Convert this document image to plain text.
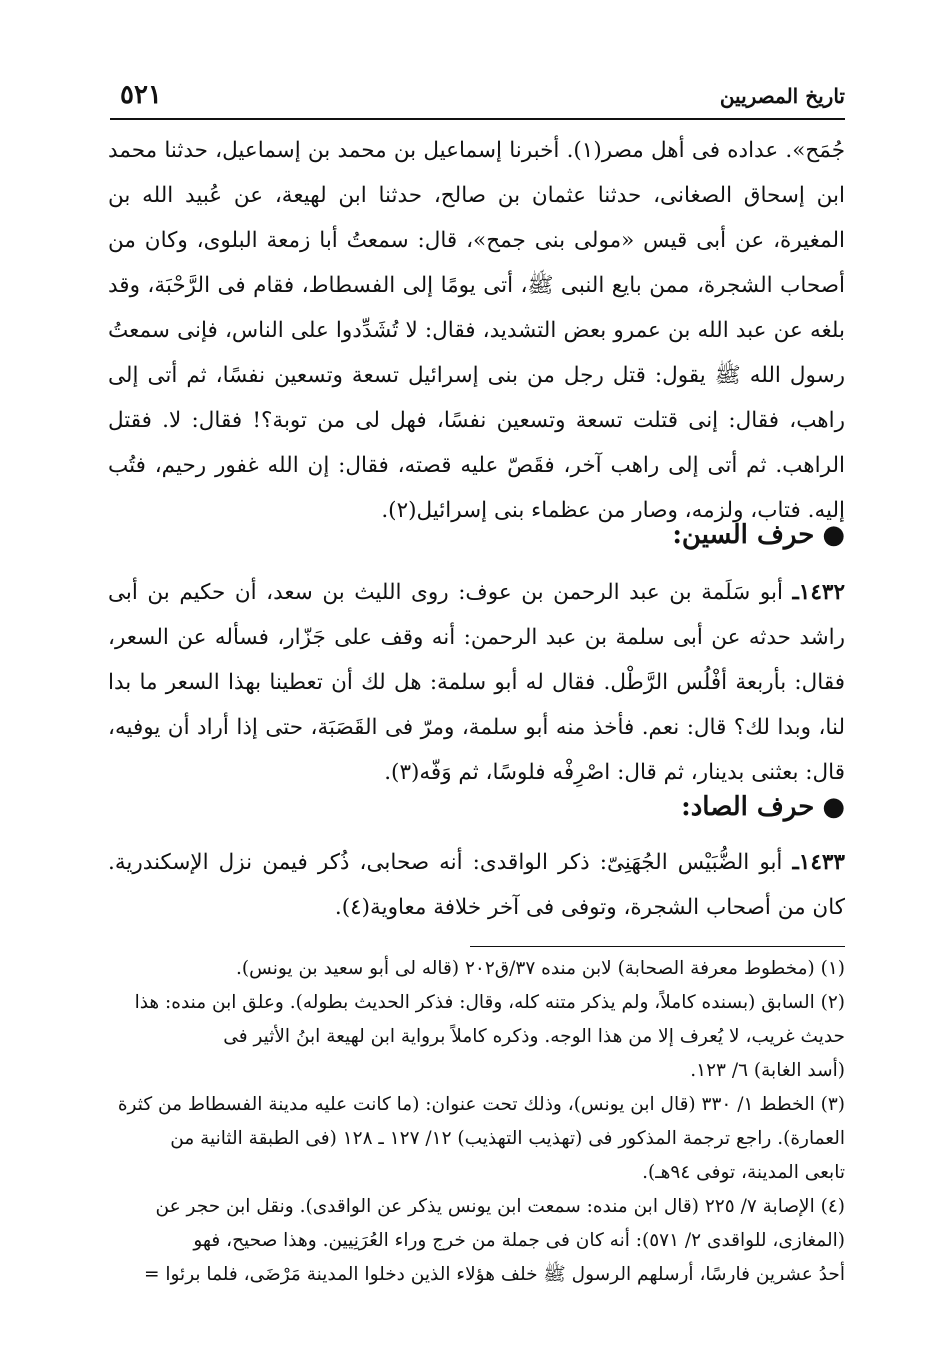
تاريخ المصريين
٥٢١

جُمَح». عداده فى أهل مصر(١). أخبرنا إسماعيل بن محمد بن إسماعيل، حدثنا محمد ابن إسحاق الصغانى، حدثنا عثمان بن صالح، حدثنا ابن لهيعة، عن عُبيد الله بن المغيرة، عن أبى قيس «مولى بنى جمح»، قال: سمعتُ أبا زمعة البلوى، وكان من أصحاب الشجرة، ممن بايع النبى ﷺ، أتى يومًا إلى الفسطاط، فقام فى الرَّحْبَة، وقد بلغه عن عبد الله بن عمرو بعض التشديد، فقال: لا تُشَدِّدوا على الناس، فإنى سمعتُ رسول الله ﷺ يقول: قتل رجل من بنى إسرائيل تسعة وتسعين نفسًا، ثم أتى إلى راهب، فقال: إنى قتلت تسعة وتسعين نفسًا، فهل لى من توبة؟! فقال: لا. فقتل الراهب. ثم أتى إلى راهب آخر، فقَصّ عليه قصته، فقال: إن الله غفور رحيم، فتُب إليه. فتاب، ولزمه، وصار من عظماء بنى إسرائيل(٢).

●حرف السين:

١٤٣٢ـ أبو سَلَمة بن عبد الرحمن بن عوف: روى الليث بن سعد، أن حكيم بن أبى راشد حدثه عن أبى سلمة بن عبد الرحمن: أنه وقف على جَزّار، فسأله عن السعر، فقال: بأربعة أفْلُس الرَّطْل. فقال له أبو سلمة: هل لك أن تعطينا بهذا السعر ما بدا لنا، وبدا لك؟ قال: نعم. فأخذ منه أبو سلمة، ومرّ فى القَصَبَة، حتى إذا أراد أن يوفيه، قال: بعثنى بدينار، ثم قال: اصْرِفْه فلوسًا، ثم وَفّه(٣).

●حرف الصاد:

١٤٣٣ـ أبو الضُّبَيْس الجُهَنِىّ: ذكر الواقدى: أنه صحابى، ذُكر فيمن نزل الإسكندرية. كان من أصحاب الشجرة، وتوفى فى آخر خلافة معاوية(٤).

(١) (مخطوط معرفة الصحابة) لابن منده ٣٧/ق٢٠٢ (قاله لى أبو سعيد بن يونس).

(٢) السابق (بسنده كاملاً، ولم يذكر متنه كله، وقال: فذكر الحديث بطوله). وعلق ابن منده: هذا

حديث غريب، لا يُعرف إلا من هذا الوجه. وذكره كاملاً برواية ابن لهيعة ابنُ الأثير فى

(أسد الغابة) ٦/ ١٢٣.

(٣) الخطط ١/ ٣٣٠ (قال ابن يونس)، وذلك تحت عنوان: (ما كانت عليه مدينة الفسطاط من كثرة

العمارة). راجع ترجمة المذكور فى (تهذيب التهذيب) ١٢/ ١٢٧ ـ ١٢٨ (فى الطبقة الثانية من

تابعى المدينة، توفى ٩٤هـ).

(٤) الإصابة ٧/ ٢٢٥ (قال ابن منده: سمعت ابن يونس يذكر عن الواقدى). ونقل ابن حجر عن

(المغازى، للواقدى ٢/ ٥٧١): أنه كان فى جملة من خرج وراء العُرَنِيين. وهذا صحيح، فهو

أحدُ عشرين فارسًا، أرسلهم الرسول ﷺ خلف هؤلاء الذين دخلوا المدينة مَرْضَى، فلما برئوا =
